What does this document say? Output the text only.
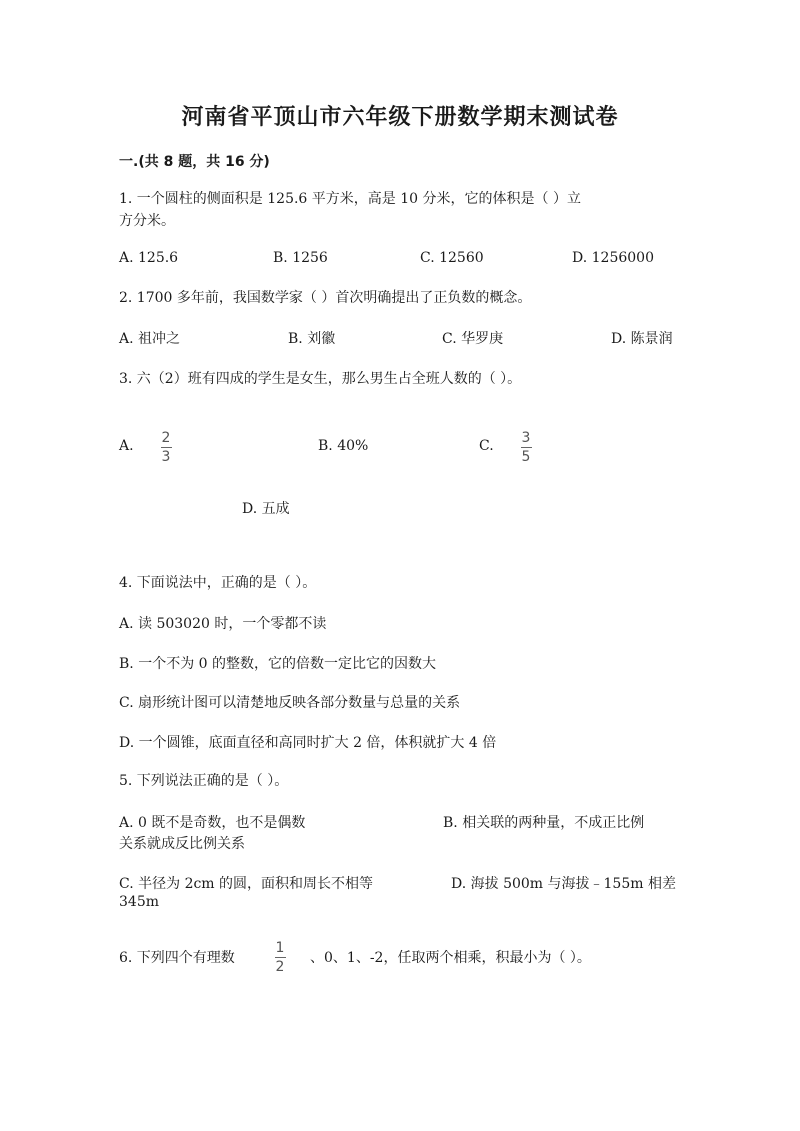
河南省平顶山市六年级下册数学期末测试卷
一.(共 8 题，共 16 分)
1. 一个圆柱的侧面积是 125.6 平方米，高是 10 分米，它的体积是（ ）立
方分米。
A. 125.6	B. 1256	C. 12560	D. 1256000
2. 1700 多年前，我国数学家（ ）首次明确提出了正负数的概念。
A. 祖冲之	B. 刘徽	C. 华罗庚	D. 陈景润
3. 六（2）班有四成的学生是女生，那么男生占全班人数的（ ）。
A. 2
3
B. 40%	C. 3
5
D. 五成
4. 下面说法中，正确的是（ ）。
A. 读 503020 时，一个零都不读
B. 一个不为 0 的整数，它的倍数一定比它的因数大
C. 扇形统计图可以清楚地反映各部分数量与总量的关系
D. 一个圆锥，底面直径和高同时扩大 2 倍，体积就扩大 4 倍
5. 下列说法正确的是（ ）。
A. 0 既不是奇数，也不是偶数	B. 相关联的两种量，不成正比例
关系就成反比例关系
C. 半径为 2cm 的圆，面积和周长不相等	D. 海拔 500m 与海拔﹣155m 相差
345m
6. 下列四个有理数
1
2
、0、1、-2，任取两个相乘，积最小为（ ）。
